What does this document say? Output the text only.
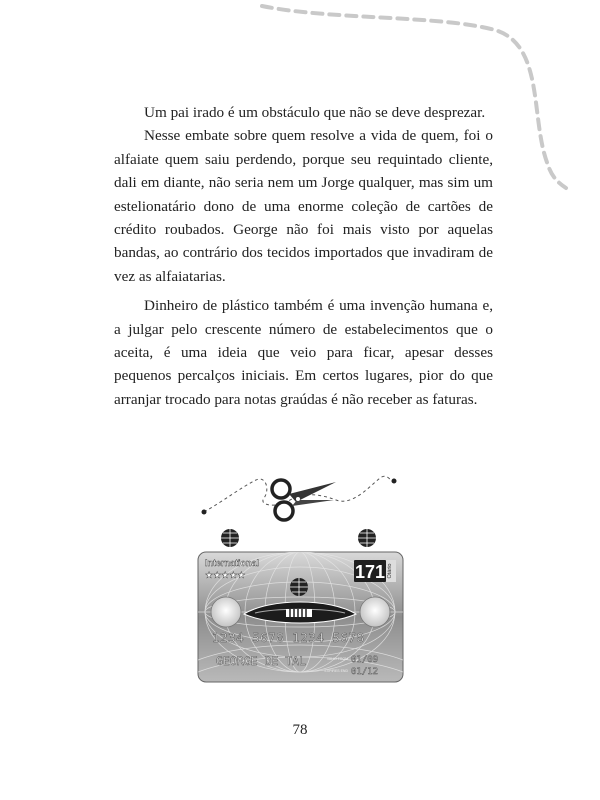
Um pai irado é um obstáculo que não se deve desprezar.

Nesse embate sobre quem resolve a vida de quem, foi o alfaiate quem saiu perdendo, porque seu requintado cliente, dali em diante, não seria nem um Jorge qualquer, mas sim um estelionatário dono de uma enorme coleção de cartões de crédito roubados. George não foi mais visto por aquelas bandas, ao contrário dos tecidos importados que invadiram de vez as alfaiatarias.

Dinheiro de plástico também é uma invenção humana e, a julgar pelo crescente número de estabelecimentos que o aceita, é uma ideia que veio para ficar, apesar desses pequenos percalços iniciais. Em certos lugares, pior do que arranjar trocado para notas graúdas é não receber as faturas.

International
★★★★★	171 Otário
1234 5678 1234 5678
GEORGE DE TAL	VALID FROM 01/09
EXPIRES END 01/12
78
